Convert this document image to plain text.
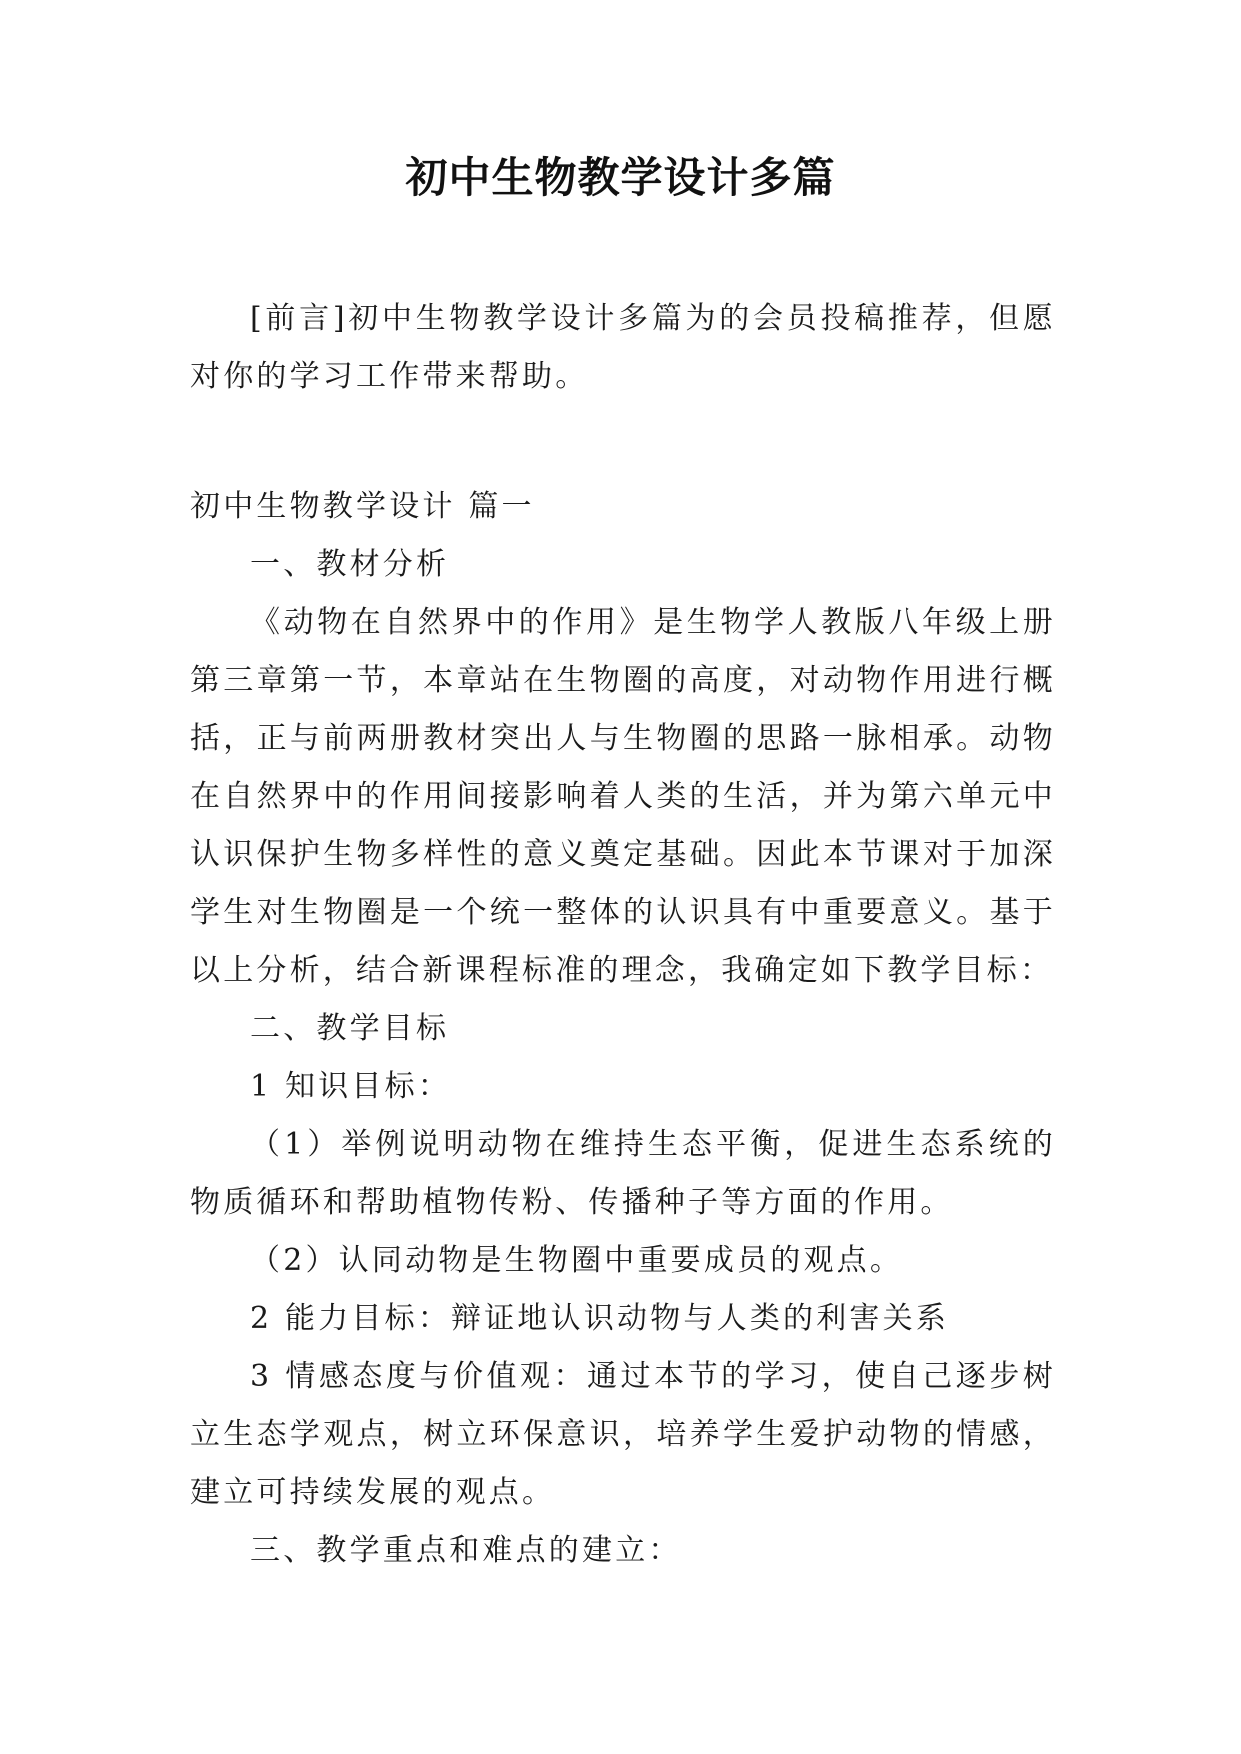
初中生物教学设计多篇

[前言]初中生物教学设计多篇为的会员投稿推荐，但愿对你的学习工作带来帮助。

初中生物教学设计 篇一

一、教材分析

《动物在自然界中的作用》是生物学人教版八年级上册第三章第一节，本章站在生物圈的高度，对动物作用进行概括，正与前两册教材突出人与生物圈的思路一脉相承。动物在自然界中的作用间接影响着人类的生活，并为第六单元中认识保护生物多样性的意义奠定基础。因此本节课对于加深学生对生物圈是一个统一整体的认识具有中重要意义。基于以上分析，结合新课程标准的理念，我确定如下教学目标：

二、教学目标

1 知识目标：

（1）举例说明动物在维持生态平衡，促进生态系统的物质循环和帮助植物传粉、传播种子等方面的作用。

（2）认同动物是生物圈中重要成员的观点。

2 能力目标：辩证地认识动物与人类的利害关系

3 情感态度与价值观：通过本节的学习，使自己逐步树立生态学观点，树立环保意识，培养学生爱护动物的情感，建立可持续发展的观点。

三、教学重点和难点的建立：
